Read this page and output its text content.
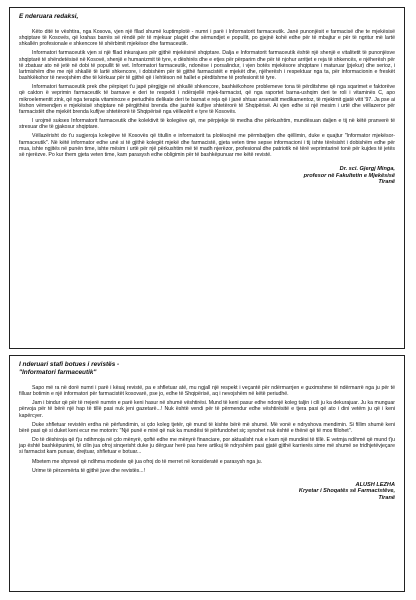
E nderuara redaksi,

Këto ditë te vështira, nga Kosova, vjen një fllad shumë kuptimplotë - numri i parë i Informatorit farmaceutik. Janë punonjësit e farmacisë dhe te mjekësisë shqiptare të Kosovës, që krahas barrës së rëndë për të mjekuar plagët dhe sëmundjet e popullit, po gjejnë kohë edhe për të mbajtur e për të ngritur më lartë shkallën profesionale e shkencore të shërbimit mjekësor dhe farmaceutik.

Informatori farmaceutik vjen si një fllad inkurajues për gjithë mjekësinë shqiptare. Dalja e Informatorit farmaceutik është një shenjë e vitalitetit të punonjësve shqiptarë të shëndetësisë në Kosovë, shenjë e humanizmit të tyre, e dëshirës dhe e etjes për përparim dhe për të njohur arritjet e reja të shkencës, e njëherësh për të zbatuar ato në jetë në dobi të popullit të vet. Informatori farmaceutik, ndonëse i porsalindur, i vjen botës mjekësore shqiptare i maturuar (pjekur) dhe serioz, i lartmishëm dhe me një shkallë të lartë shkencore, i dobishëm për të gjithë farmacistët e mjekët dhe, njëherësh i respektuar nga ta, për informacionin e freskët bashkëkohor të nevojshëm dhe të kërkuar për të gjithë që i lehtëson në hallet e përditshme të profesionit të tyre.

Informatori farmaceutik prek dhe përpiqet t'u japë përgjigje në shkallë shkencore, bashkëkohore problemeve tona të përditshme që nga sqarimet e faktorëve që cakton ë veprimin farmaceutik të barnave e deri te respekti i ndërsjellë mjek-farmacist, që nga raportet barna-ushqim deri te roli i vitaminës C, apo mikroelementit zink, që nga terapia vitaminoze e periudhës delikate deri te barnat e reja që i janë shtuar arsenalit medikamentoz, të mjekimit gjatë vitit '97. Ja pse ai lëshon vëmendjen e mjekësisë shqiptare në përgjithësi brenda dhe jashtë kufijve shtetërorë të Shqipërisë. Ai vjen edhe si një mesim i urtë dhe vëllazeror për farmacistët dhe mjekët brenda kufijve shtetërorë të Shqipërisë nga vëllezërit e tyre të Kosovës.

I urojmë sukses Informatorit farmaceutik dhe kolektivit të kolegëve që, me përpjekje të medha dhe përkushtim, mundësuan daljen e tij në këtë pranverë të stresuar dhe të gjakosur shqiptare.

Vëllazërisht do t'u sugjeroja kolegëve të Kosovës që titullin e informatorit ta plotësojnë me përmbajtjen dhe qëllimin, duke e quajtur "Informator mjekësor-farmaceutik". Në këtë informator edhe unë si të gjithë kolegët mjekë dhe farmacistë, gjeta veten time sepse informacioni i tij ishte tërësisht i dobishëm edhe për mua, ishte ngjitës në punën time, ishte mësim i urtë për një përkushtim më të madh njerëzor, profesional dhe patriotik në tërë veprimtarinë tonë për kujdes të jetës së njerëzve. Po kur them gjeta veten time, kam parasysh edhe obligimin për të bashkëpunuar me këtë revistë.

Dr. sci. Gjergj Minga,
profesor në Fakultetin e Mjekësisë
Tiranë
I nderuari stafi botues i revistës -
"Informatori farmaceutik"

Sapo më ra në dorë numri i parë i kësaj revistë, pa e shfletuar atë, mu ngjall një respekt i veçantë për ndërmarrjen e guximshme të ndërmarrë nga ju për të filluar botimin e një informatori për farmacistët kosovarë, pse jo, edhe të Shqipërisë, aq i nevojshëm në këtë periudhë.

Jam i bindur që për të rrejerë numrin e parë keni hasur në shumë vështirësi. Mund të keni pasur edhe ndonjë koleg taljin i cili ju ka dekurajuar. Ju ka munguar përvoja për të bërë një hap të tillë pasi nuk jeni gazetarë...! Nuk është vendi për të përmendur edhe vështirësitë e tjera pasi që ato i dini vetëm ju që i keni kapërcyer.

Duke shfletuar revistën erdha në përfundimin, si çdo koleg tjetër, që mund të kishte bërë më shumë. Më vonë e ndryshova mendimin. Si fillim shumë keni bërë pasi që si duket keni ecur me motorin: "Një punë e mirë që nuk ka mundësi të përfundohet siç synohet nuk është e thënë që të mos fillohet".

Do të dëshiroja që t'ju ndihmoja në çdo mënyrë, qoftë edhe me mënyrë financiare, por aktualisht nuk e kam një mundësi të tillë. E vetmja ndihmë që mund t'ju jap është bashkëpunimi, të cilin jua ofroj sinqerisht duke ju dërguar herë pas here artikuj të ndryshëm pasi gjatë gjithë karrierës sime më shumë se tridhjetëvjeçare si farmacist kam punuar, drejtuar, shfletuar e botuar...

Mbetem me shpresë që ndihma modeste që jua ofroj do të merret në konsideratë e parasysh nga ju.

Urime të përzemërta të gjithë juve dhe revistës...!

ALUSH LEZHA
Kryetar i Shoqatës së Farmacistëve,
Tiranë
